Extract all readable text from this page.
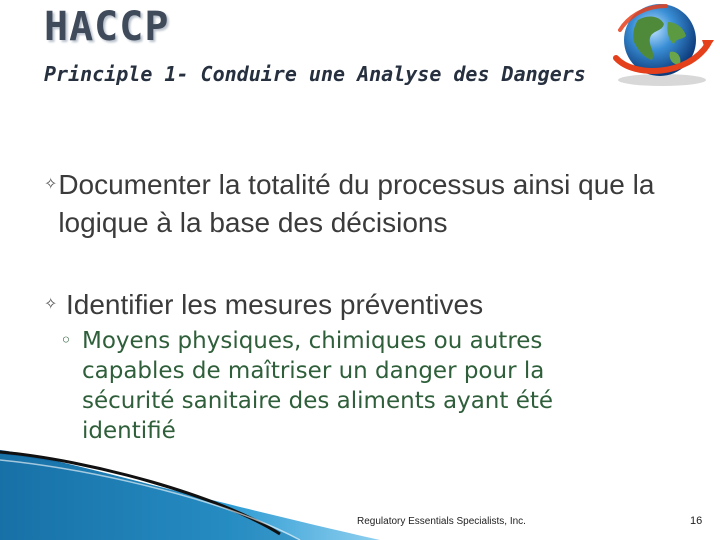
HACCP
Principle 1- Conduire une Analyse des Dangers
✧ Documenter la totalité du processus ainsi que la logique à la base des décisions
✧ Identifier les mesures préventives
◦ Moyens physiques, chimiques ou autres capables de maîtriser un danger pour la sécurité sanitaire des aliments ayant été identifié
Regulatory Essentials Specialists, Inc.	16
